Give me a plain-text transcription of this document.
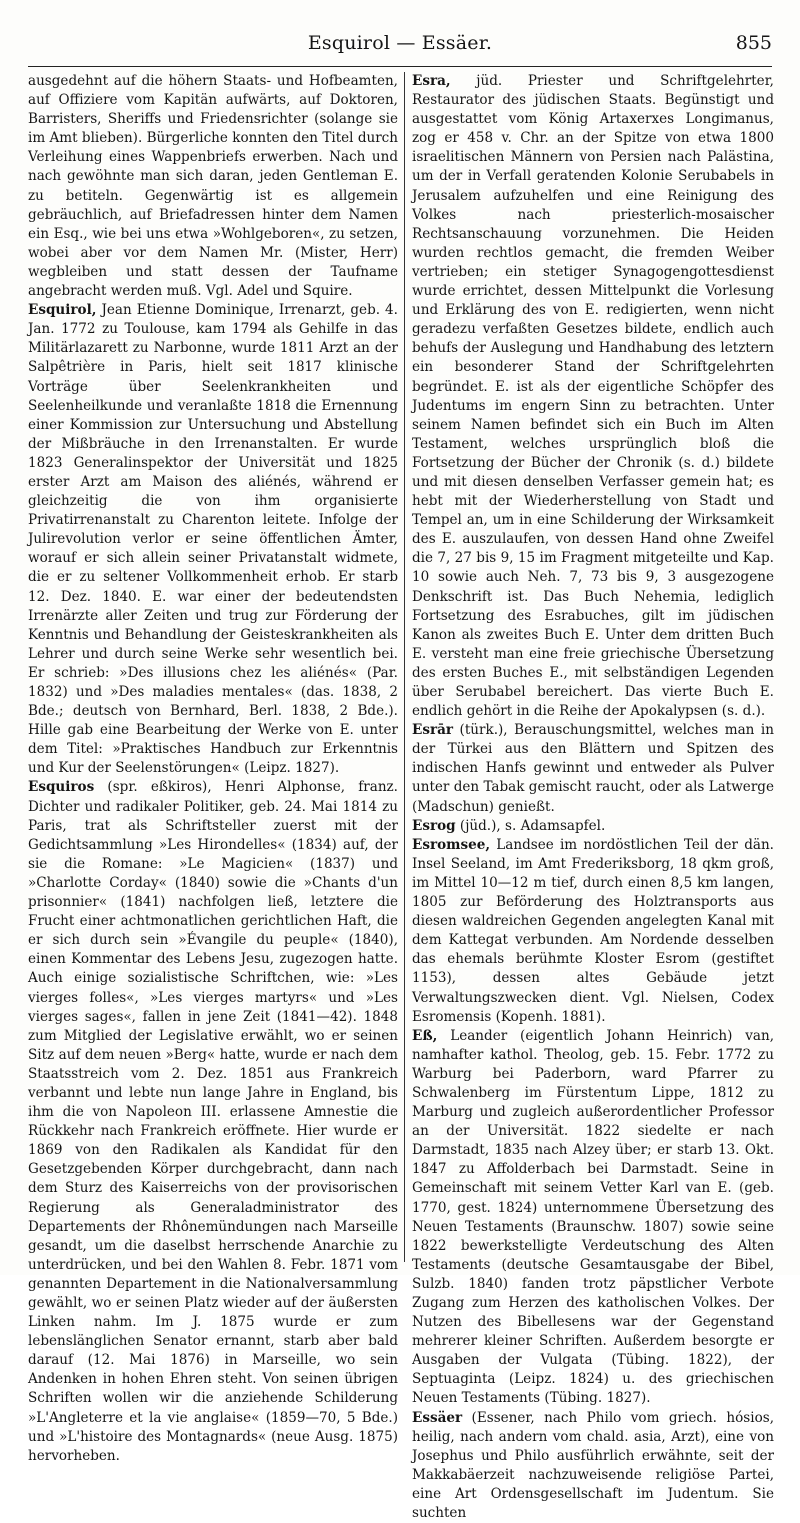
Esquirol — Essäer.	855

ausgedehnt auf die höhern Staats- und Hofbeamten, auf Offiziere vom Kapitän aufwärts, auf Doktoren, Barristers, Sheriffs und Friedensrichter (solange sie im Amt blieben). Bürgerliche konnten den Titel durch Verleihung eines Wappenbriefs erwerben. Nach und nach gewöhnte man sich daran, jeden Gentleman E. zu betiteln. Gegenwärtig ist es allgemein gebräuchlich, auf Briefadressen hinter dem Namen ein Esq., wie bei uns etwa »Wohlgeboren«, zu setzen, wobei aber vor dem Namen Mr. (Mister, Herr) wegbleiben und statt dessen der Taufname angebracht werden muß. Vgl. Adel und Squire.

Esquirol, Jean Etienne Dominique, Irrenarzt, geb. 4. Jan. 1772 zu Toulouse, kam 1794 als Gehilfe in das Militärlazarett zu Narbonne, wurde 1811 Arzt an der Salpêtrière in Paris, hielt seit 1817 klinische Vorträge über Seelenkrankheiten und Seelenheilkunde und veranlaßte 1818 die Ernennung einer Kommission zur Untersuchung und Abstellung der Mißbräuche in den Irrenanstalten. Er wurde 1823 Generalinspektor der Universität und 1825 erster Arzt am Maison des aliénés, während er gleichzeitig die von ihm organisierte Privatirrenanstalt zu Charenton leitete. Infolge der Julirevolution verlor er seine öffentlichen Ämter, worauf er sich allein seiner Privatanstalt widmete, die er zu seltener Vollkommenheit erhob. Er starb 12. Dez. 1840. E. war einer der bedeutendsten Irrenärzte aller Zeiten und trug zur Förderung der Kenntnis und Behandlung der Geisteskrankheiten als Lehrer und durch seine Werke sehr wesentlich bei. Er schrieb: »Des illusions chez les aliénés« (Par. 1832) und »Des maladies mentales« (das. 1838, 2 Bde.; deutsch von Bernhard, Berl. 1838, 2 Bde.). Hille gab eine Bearbeitung der Werke von E. unter dem Titel: »Praktisches Handbuch zur Erkenntnis und Kur der Seelenstörungen« (Leipz. 1827).

Esquiros (spr. eßkiros), Henri Alphonse, franz. Dichter und radikaler Politiker, geb. 24. Mai 1814 zu Paris, trat als Schriftsteller zuerst mit der Gedichtsammlung »Les Hirondelles« (1834) auf, der sie die Romane: »Le Magicien« (1837) und »Charlotte Corday« (1840) sowie die »Chants d'un prisonnier« (1841) nachfolgen ließ, letztere die Frucht einer achtmonatlichen gerichtlichen Haft, die er sich durch sein »Évangile du peuple« (1840), einen Kommentar des Lebens Jesu, zugezogen hatte. Auch einige sozialistische Schriftchen, wie: »Les vierges folles«, »Les vierges martyrs« und »Les vierges sages«, fallen in jene Zeit (1841—42). 1848 zum Mitglied der Legislative erwählt, wo er seinen Sitz auf dem neuen »Berg« hatte, wurde er nach dem Staatsstreich vom 2. Dez. 1851 aus Frankreich verbannt und lebte nun lange Jahre in England, bis ihm die von Napoleon III. erlassene Amnestie die Rückkehr nach Frankreich eröffnete. Hier wurde er 1869 von den Radikalen als Kandidat für den Gesetzgebenden Körper durchgebracht, dann nach dem Sturz des Kaiserreichs von der provisorischen Regierung als Generaladministrator des Departements der Rhônemündungen nach Marseille gesandt, um die daselbst herrschende Anarchie zu unterdrücken, und bei den Wahlen 8. Febr. 1871 vom genannten Departement in die Nationalversammlung gewählt, wo er seinen Platz wieder auf der äußersten Linken nahm. Im J. 1875 wurde er zum lebenslänglichen Senator ernannt, starb aber bald darauf (12. Mai 1876) in Marseille, wo sein Andenken in hohen Ehren steht. Von seinen übrigen Schriften wollen wir die anziehende Schilderung »L'Angleterre et la vie anglaise« (1859—70, 5 Bde.) und »L'histoire des Montagnards« (neue Ausg. 1875) hervorheben.

Esra, jüd. Priester und Schriftgelehrter, Restaurator des jüdischen Staats. Begünstigt und ausgestattet vom König Artaxerxes Longimanus, zog er 458 v. Chr. an der Spitze von etwa 1800 israelitischen Männern von Persien nach Palästina, um der in Verfall geratenden Kolonie Serubabels in Jerusalem aufzuhelfen und eine Reinigung des Volkes nach priesterlich-mosaischer Rechtsanschauung vorzunehmen. Die Heiden wurden rechtlos gemacht, die fremden Weiber vertrieben; ein stetiger Synagogengottesdienst wurde errichtet, dessen Mittelpunkt die Vorlesung und Erklärung des von E. redigierten, wenn nicht geradezu verfaßten Gesetzes bildete, endlich auch behufs der Auslegung und Handhabung des letztern ein besonderer Stand der Schriftgelehrten begründet. E. ist als der eigentliche Schöpfer des Judentums im engern Sinn zu betrachten. Unter seinem Namen befindet sich ein Buch im Alten Testament, welches ursprünglich bloß die Fortsetzung der Bücher der Chronik (s. d.) bildete und mit diesen denselben Verfasser gemein hat; es hebt mit der Wiederherstellung von Stadt und Tempel an, um in eine Schilderung der Wirksamkeit des E. auszulaufen, von dessen Hand ohne Zweifel die 7, 27 bis 9, 15 im Fragment mitgeteilte und Kap. 10 sowie auch Neh. 7, 73 bis 9, 3 ausgezogene Denkschrift ist. Das Buch Nehemia, lediglich Fortsetzung des Esrabuches, gilt im jüdischen Kanon als zweites Buch E. Unter dem dritten Buch E. versteht man eine freie griechische Übersetzung des ersten Buches E., mit selbständigen Legenden über Serubabel bereichert. Das vierte Buch E. endlich gehört in die Reihe der Apokalypsen (s. d.).

Esrār (türk.), Berauschungsmittel, welches man in der Türkei aus den Blättern und Spitzen des indischen Hanfs gewinnt und entweder als Pulver unter den Tabak gemischt raucht, oder als Latwerge (Madschun) genießt.

Esrog (jüd.), s. Adamsapfel.

Esromsee, Landsee im nordöstlichen Teil der dän. Insel Seeland, im Amt Frederiksborg, 18 qkm groß, im Mittel 10—12 m tief, durch einen 8,5 km langen, 1805 zur Beförderung des Holztransports aus diesen waldreichen Gegenden angelegten Kanal mit dem Kattegat verbunden. Am Nordende desselben das ehemals berühmte Kloster Esrom (gestiftet 1153), dessen altes Gebäude jetzt Verwaltungszwecken dient. Vgl. Nielsen, Codex Esromensis (Kopenh. 1881).

Eß, Leander (eigentlich Johann Heinrich) van, namhafter kathol. Theolog, geb. 15. Febr. 1772 zu Warburg bei Paderborn, ward Pfarrer zu Schwalenberg im Fürstentum Lippe, 1812 zu Marburg und zugleich außerordentlicher Professor an der Universität. 1822 siedelte er nach Darmstadt, 1835 nach Alzey über; er starb 13. Okt. 1847 zu Affolderbach bei Darmstadt. Seine in Gemeinschaft mit seinem Vetter Karl van E. (geb. 1770, gest. 1824) unternommene Übersetzung des Neuen Testaments (Braunschw. 1807) sowie seine 1822 bewerkstelligte Verdeutschung des Alten Testaments (deutsche Gesamtausgabe der Bibel, Sulzb. 1840) fanden trotz päpstlicher Verbote Zugang zum Herzen des katholischen Volkes. Der Nutzen des Bibellesens war der Gegenstand mehrerer kleiner Schriften. Außerdem besorgte er Ausgaben der Vulgata (Tübing. 1822), der Septuaginta (Leipz. 1824) u. des griechischen Neuen Testaments (Tübing. 1827).

Essäer (Essener, nach Philo vom griech. hósios, heilig, nach andern vom chald. asia, Arzt), eine von Josephus und Philo ausführlich erwähnte, seit der Makkabäerzeit nachzuweisende religiöse Partei, eine Art Ordensgesellschaft im Judentum. Sie suchten
